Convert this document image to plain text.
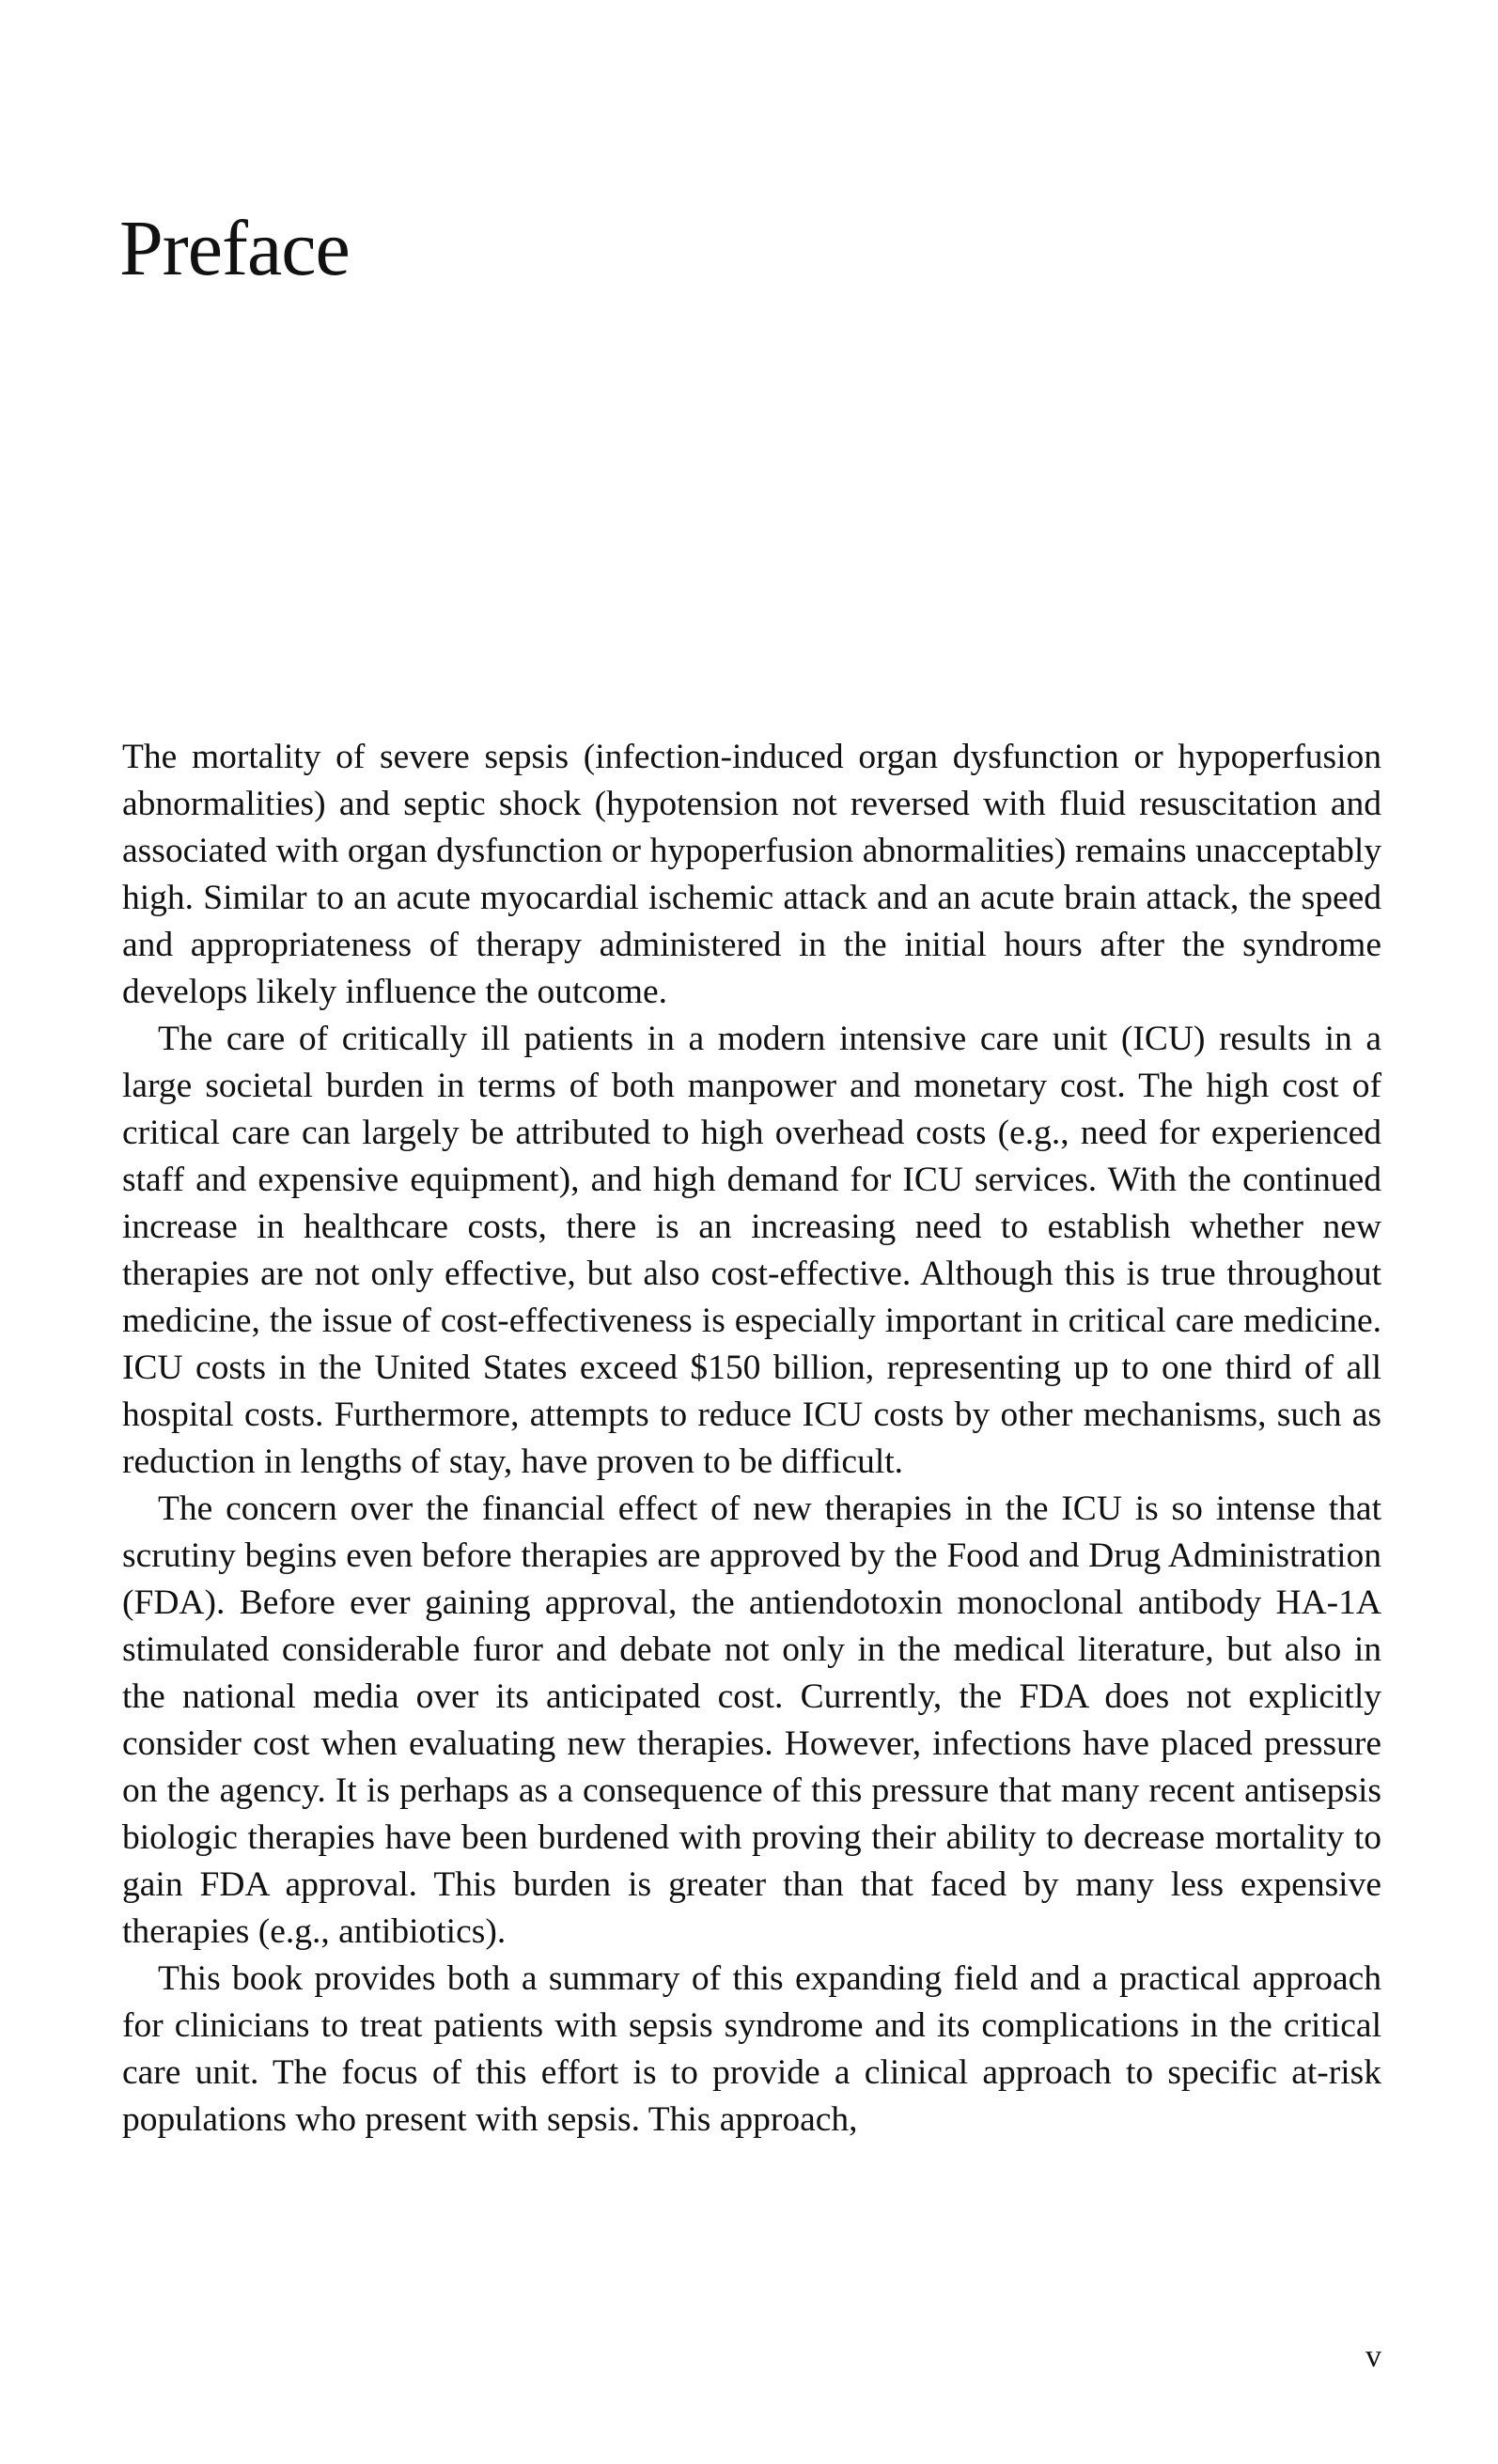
Preface

The mortality of severe sepsis (infection-induced organ dysfunction or hypoperfusion abnormalities) and septic shock (hypotension not reversed with fluid resuscitation and associated with organ dysfunction or hypoperfusion abnormalities) remains unacceptably high. Similar to an acute myocardial ischemic attack and an acute brain attack, the speed and appropriateness of therapy administered in the initial hours after the syndrome develops likely influence the outcome.

The care of critically ill patients in a modern intensive care unit (ICU) results in a large societal burden in terms of both manpower and monetary cost. The high cost of critical care can largely be attributed to high overhead costs (e.g., need for experienced staff and expensive equipment), and high demand for ICU services. With the continued increase in healthcare costs, there is an increasing need to establish whether new therapies are not only effective, but also cost-effective. Although this is true throughout medicine, the issue of cost-effectiveness is especially important in critical care medicine. ICU costs in the United States exceed $150 billion, representing up to one third of all hospital costs. Furthermore, attempts to reduce ICU costs by other mechanisms, such as reduction in lengths of stay, have proven to be difficult.

The concern over the financial effect of new therapies in the ICU is so intense that scrutiny begins even before therapies are approved by the Food and Drug Administration (FDA). Before ever gaining approval, the antiendotoxin monoclonal antibody HA-1A stimulated considerable furor and debate not only in the medical literature, but also in the national media over its anticipated cost. Currently, the FDA does not explicitly consider cost when evaluating new therapies. However, infections have placed pressure on the agency. It is perhaps as a consequence of this pressure that many recent antisepsis biologic therapies have been burdened with proving their ability to decrease mortality to gain FDA approval. This burden is greater than that faced by many less expensive therapies (e.g., antibiotics).

This book provides both a summary of this expanding field and a practical approach for clinicians to treat patients with sepsis syndrome and its complications in the critical care unit. The focus of this effort is to provide a clinical approach to specific at-risk populations who present with sepsis. This approach,

v
